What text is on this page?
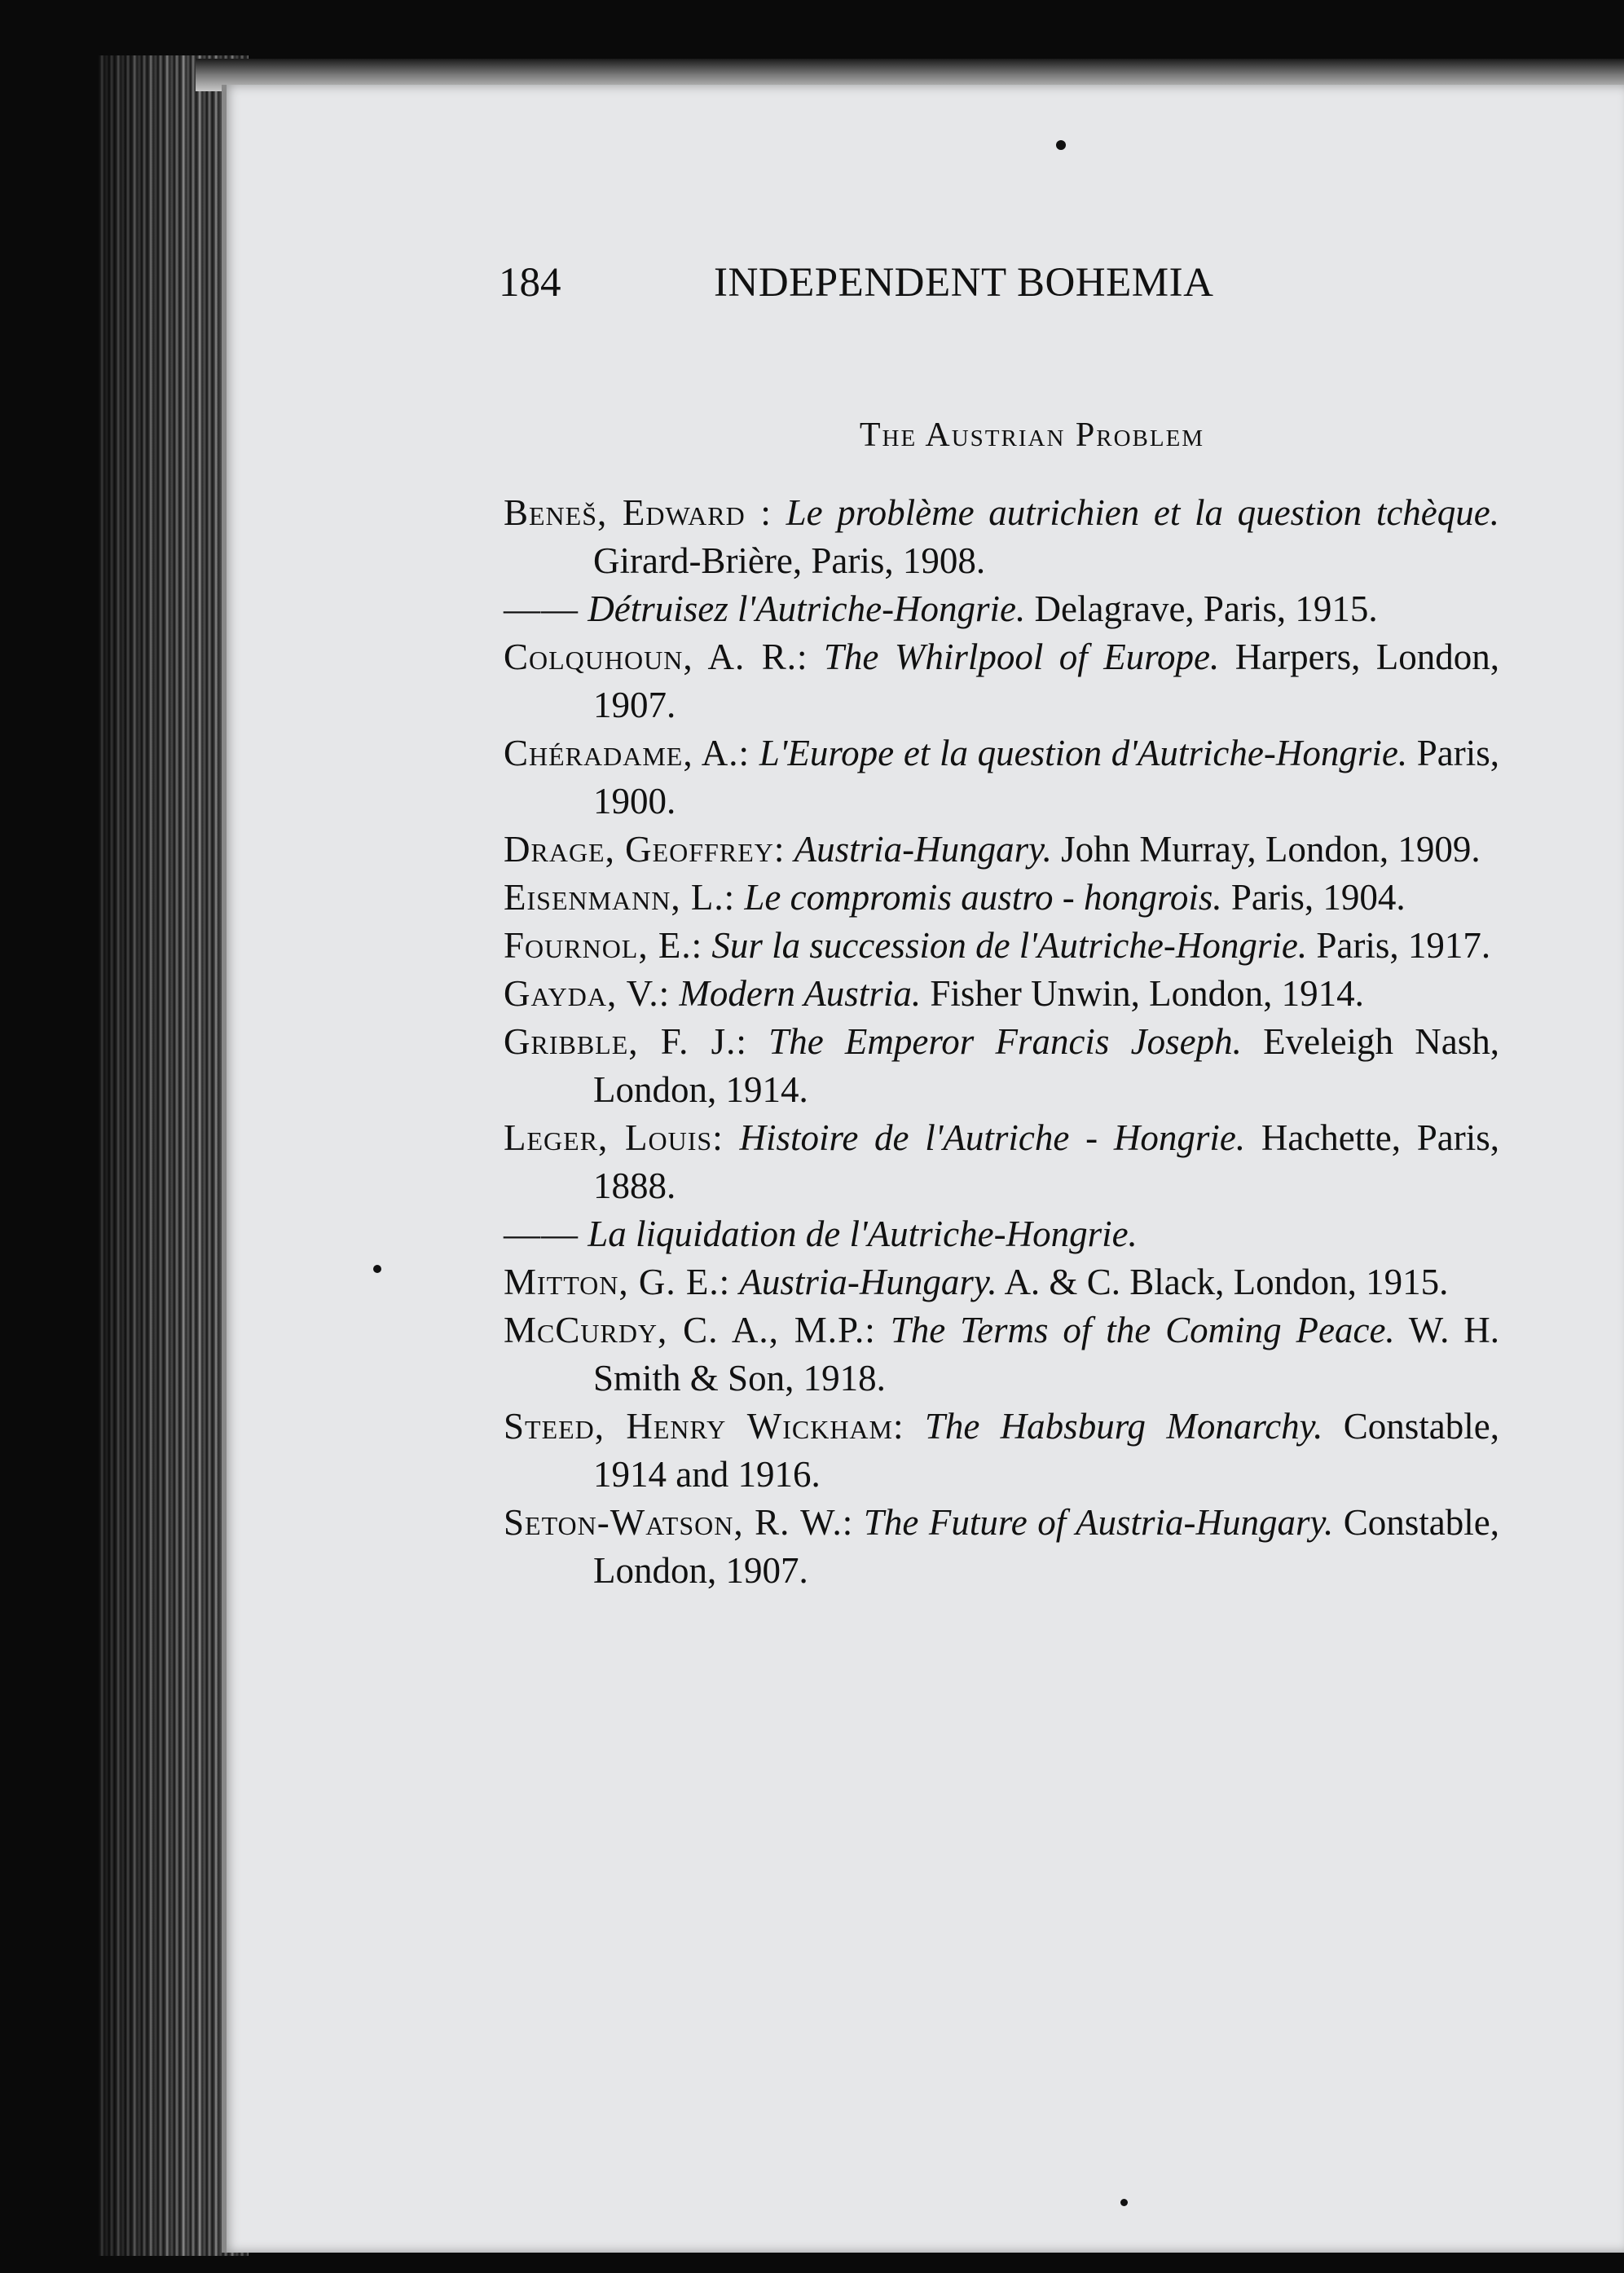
184	INDEPENDENT BOHEMIA
The Austrian Problem
Beneš, Edward : Le problème autrichien et la question tchèque. Girard-Brière, Paris, 1908.
—— Détruisez l'Autriche-Hongrie. Delagrave, Paris, 1915.
Colquhoun, A. R.: The Whirlpool of Europe. Harpers, London, 1907.
Chéradame, A.: L'Europe et la question d'Autriche-Hongrie. Paris, 1900.
Drage, Geoffrey: Austria-Hungary. John Murray, London, 1909.
Eisenmann, L.: Le compromis austro - hongrois. Paris, 1904.
Fournol, E.: Sur la succession de l'Autriche-Hongrie. Paris, 1917.
Gayda, V.: Modern Austria. Fisher Unwin, London, 1914.
Gribble, F. J.: The Emperor Francis Joseph. Eveleigh Nash, London, 1914.
Leger, Louis: Histoire de l'Autriche - Hongrie. Hachette, Paris, 1888.
—— La liquidation de l'Autriche-Hongrie.
Mitton, G. E.: Austria-Hungary. A. & C. Black, London, 1915.
McCurdy, C. A., M.P.: The Terms of the Coming Peace. W. H. Smith & Son, 1918.
Steed, Henry Wickham: The Habsburg Monarchy. Constable, 1914 and 1916.
Seton-Watson, R. W.: The Future of Austria-Hungary. Constable, London, 1907.
